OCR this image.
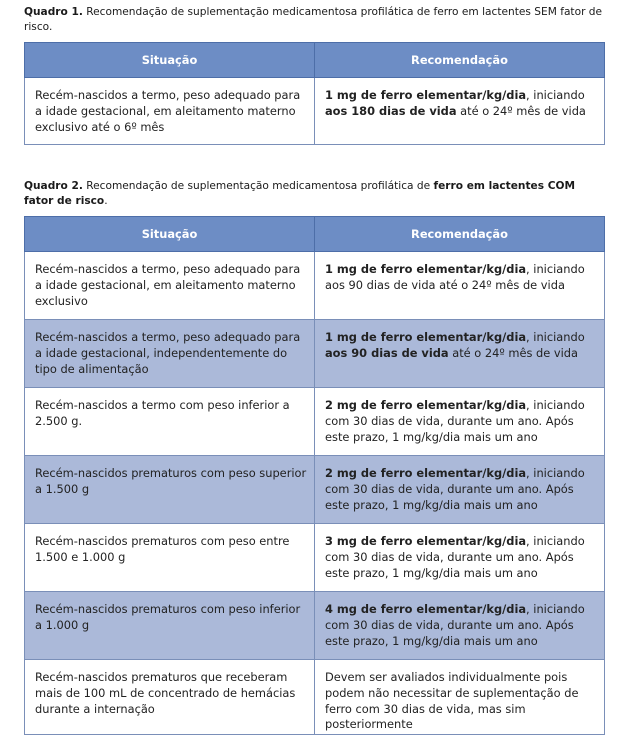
Quadro 1. Recomendação de suplementação medicamentosa profilática de ferro em lactentes SEM fator de risco.

Situação	Recomendação
Recém-nascidos a termo, peso adequado para a idade gestacional, em aleitamento materno exclusivo até o 6º mês	1 mg de ferro elementar/kg/dia, iniciando aos 180 dias de vida até o 24º mês de vida

Quadro 2. Recomendação de suplementação medicamentosa profilática de ferro em lactentes COM fator de risco.

Situação	Recomendação
Recém-nascidos a termo, peso adequado para a idade gestacional, em aleitamento materno exclusivo	1 mg de ferro elementar/kg/dia, iniciando aos 90 dias de vida até o 24º mês de vida
Recém-nascidos a termo, peso adequado para a idade gestacional, independentemente do tipo de alimentação	1 mg de ferro elementar/kg/dia, iniciando aos 90 dias de vida até o 24º mês de vida
Recém-nascidos a termo com peso inferior a 2.500 g.	2 mg de ferro elementar/kg/dia, iniciando com 30 dias de vida, durante um ano. Após este prazo, 1 mg/kg/dia mais um ano
Recém-nascidos prematuros com peso superior a 1.500 g	2 mg de ferro elementar/kg/dia, iniciando com 30 dias de vida, durante um ano. Após este prazo, 1 mg/kg/dia mais um ano
Recém-nascidos prematuros com peso entre 1.500 e 1.000 g	3 mg de ferro elementar/kg/dia, iniciando com 30 dias de vida, durante um ano. Após este prazo, 1 mg/kg/dia mais um ano
Recém-nascidos prematuros com peso inferior a 1.000 g	4 mg de ferro elementar/kg/dia, iniciando com 30 dias de vida, durante um ano. Após este prazo, 1 mg/kg/dia mais um ano
Recém-nascidos prematuros que receberam mais de 100 mL de concentrado de hemácias durante a internação	Devem ser avaliados individualmente pois podem não necessitar de suplementação de ferro com 30 dias de vida, mas sim posteriormente
